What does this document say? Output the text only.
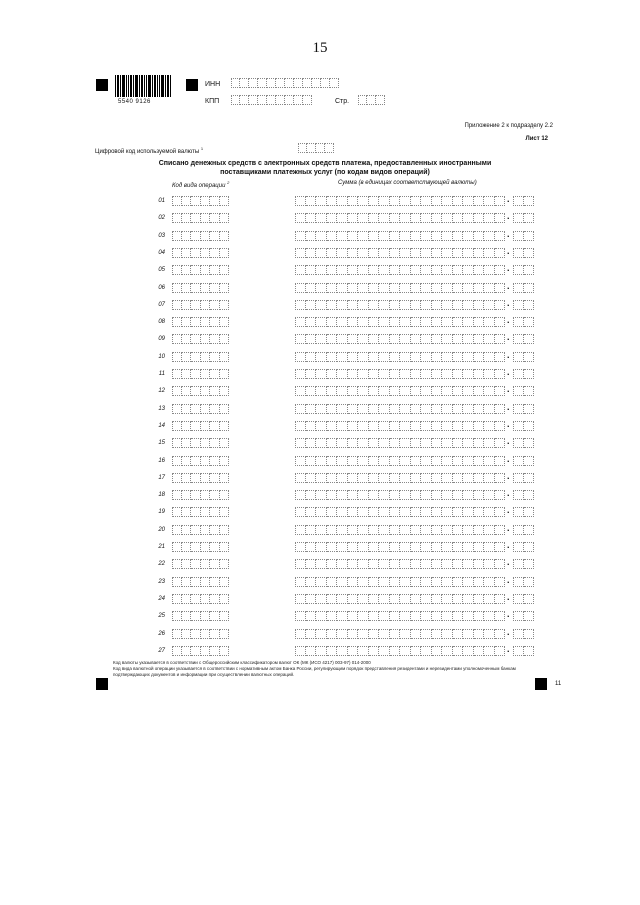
15
5540 9126
ИНН
КПП	Стр.
Приложение 2 к подразделу 2.2
Лист 12
Цифровой код используемой валюты $^1$
Списано денежных средств с электронных средств платежа, предоставленных иностранными
поставщиками платежных услуг (по кодам видов операций)
Код вида операции $^2$	Сумма (в единицах соответствующей валюты)
01	.
02	.
03	.
04	.
05	.
06	.
07	.
08	.
09	.
10	.
11	.
12	.
13	.
14	.
15	.
16	.
17	.
18	.
19	.
20	.
21	.
22	.
23	.
24	.
25	.
26	.
27	.
Код валюты указывается в соответствии с Общероссийским классификатором валют ОК (МК (ИСО 4217) 003-97) 014-2000
Код вида валютной операции указывается в соответствии с нормативным актом Банка России, регулирующим порядок представления резидентами и нерезидентами уполномоченным банкам подтверждающих документов и информации при осуществлении валютных операций.
11
